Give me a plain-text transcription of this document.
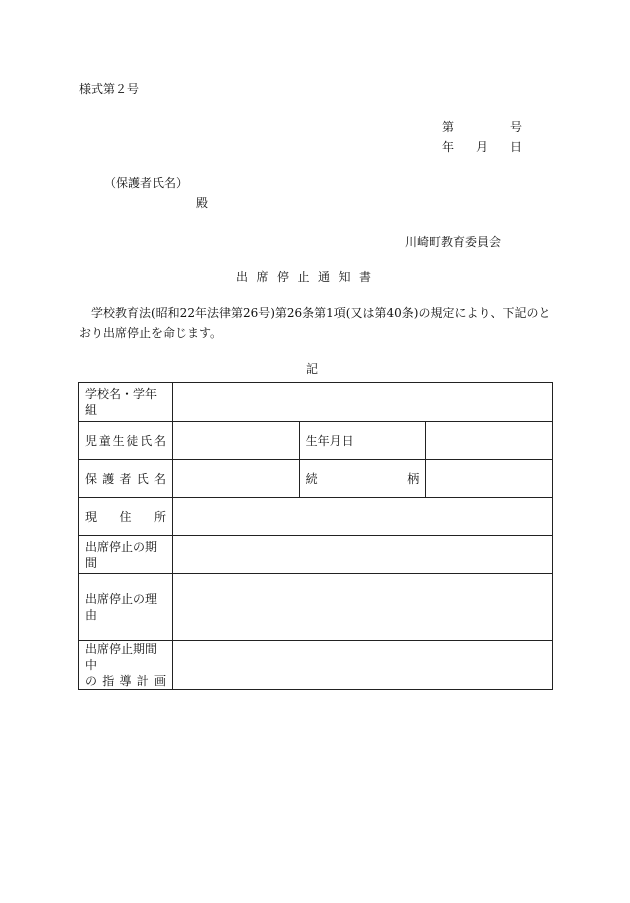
様式第２号
第	号
年 月 日
（保護者氏名）
殿
川崎町教育委員会
出席停止通知書
学校教育法(昭和22年法律第26号)第26条第1項(又は第40条)の規定により、下記のとおり出席停止を命じます。
記
学校名・学年組			
児童生徒氏名		生年月日	
保護者氏名		続　柄	
現住所			
出席停止の期間			
出席停止の理由			

出席停止期間中
の指導計画			
